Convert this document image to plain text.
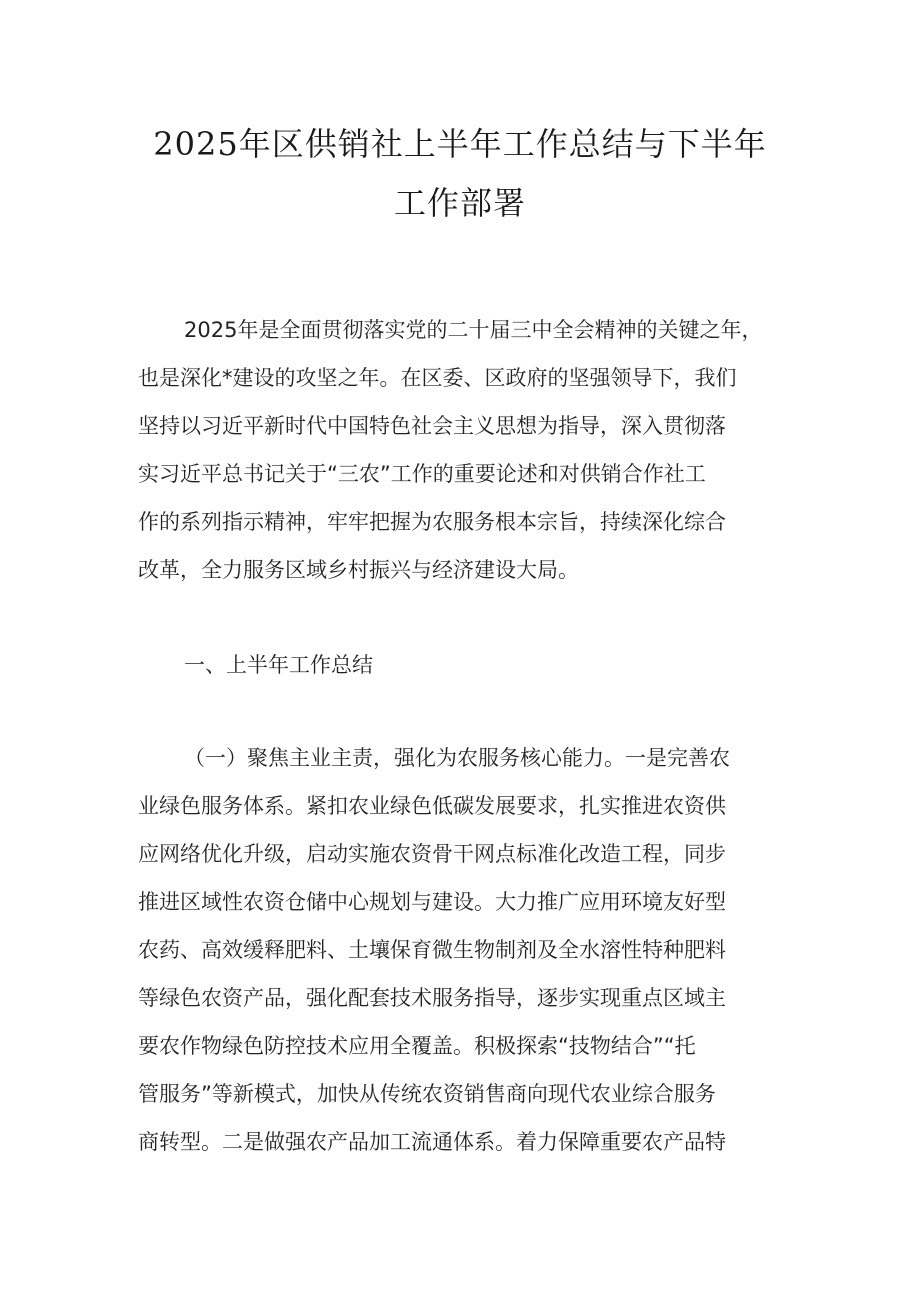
2025年区供销社上半年工作总结与下半年
工作部署
2025年是全面贯彻落实党的二十届三中全会精神的关键之年，
也是深化*建设的攻坚之年。在区委、区政府的坚强领导下，我们
坚持以习近平新时代中国特色社会主义思想为指导，深入贯彻落
实习近平总书记关于“三农”工作的重要论述和对供销合作社工
作的系列指示精神，牢牢把握为农服务根本宗旨，持续深化综合
改革，全力服务区域乡村振兴与经济建设大局。
一、上半年工作总结
（一）聚焦主业主责，强化为农服务核心能力。一是完善农
业绿色服务体系。紧扣农业绿色低碳发展要求，扎实推进农资供
应网络优化升级，启动实施农资骨干网点标准化改造工程，同步
推进区域性农资仓储中心规划与建设。大力推广应用环境友好型
农药、高效缓释肥料、土壤保育微生物制剂及全水溶性特种肥料
等绿色农资产品，强化配套技术服务指导，逐步实现重点区域主
要农作物绿色防控技术应用全覆盖。积极探索“技物结合”“托
管服务”等新模式，加快从传统农资销售商向现代农业综合服务
商转型。二是做强农产品加工流通体系。着力保障重要农产品特
